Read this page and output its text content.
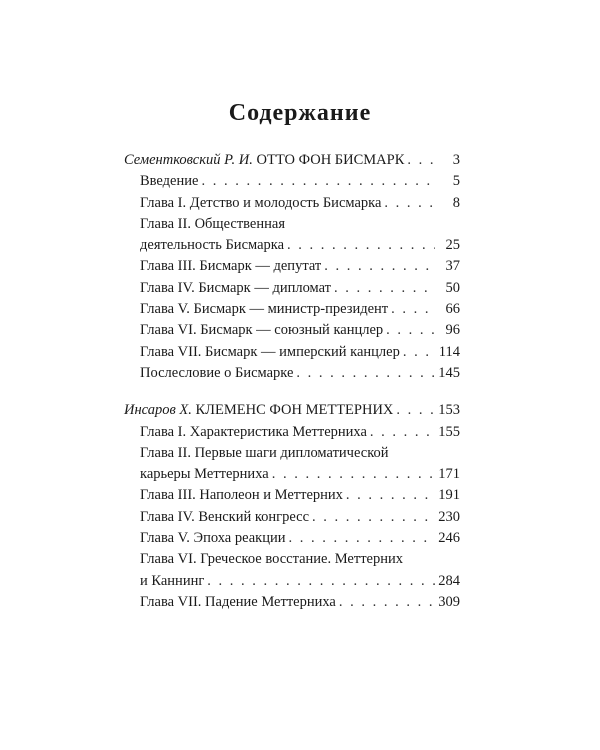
Содержание
Сементковский Р. И. ОТТО ФОН БИСМАРК . . .	3
Введение . . .	5
Глава I. Детство и молодость Бисмарка . . .	8
Глава II. Общественная
деятельность Бисмарка . . .	25
Глава III. Бисмарк — депутат . . .	37
Глава IV. Бисмарк — дипломат . . .	50
Глава V. Бисмарк — министр-президент . . .	66
Глава VI. Бисмарк — союзный канцлер . . .	96
Глава VII. Бисмарк — имперский канцлер . . .	114
Послесловие о Бисмарке . . .	145
Инсаров Х. КЛЕМЕНС ФОН МЕТТЕРНИХ . . .	153
Глава I. Характеристика Меттерниха . . .	155
Глава II. Первые шаги дипломатической
карьеры Меттерниха . . .	171
Глава III. Наполеон и Меттерних . . .	191
Глава IV. Венский конгресс . . .	230
Глава V. Эпоха реакции . . .	246
Глава VI. Греческое восстание. Меттерних
и Каннинг . . .	284
Глава VII. Падение Меттерниха . . .	309
